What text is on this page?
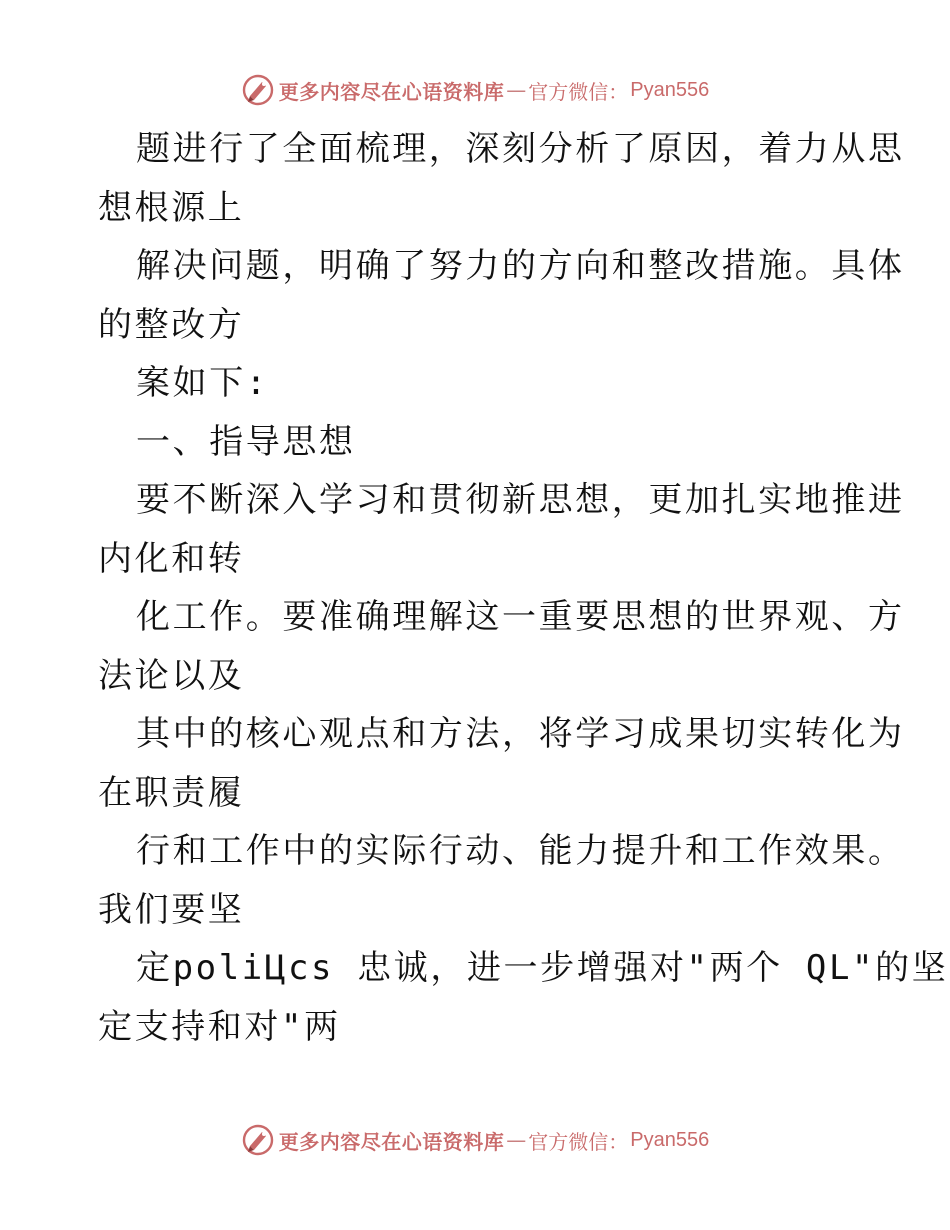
更多内容尽在心语资料库 — 官方微信： Pyan556
题进行了全面梳理，深刻分析了原因，着力从思
想根源上
解决问题，明确了努力的方向和整改措施。具体
的整改方
案如下:
一、指导思想
要不断深入学习和贯彻新思想，更加扎实地推进
内化和转
化工作。要准确理解这一重要思想的世界观、方
法论以及
其中的核心观点和方法，将学习成果切实转化为
在职责履
行和工作中的实际行动、能力提升和工作效果。
我们要坚
定poliЦcs 忠诚，进一步增强对"两个 QL"的坚
定支持和对"两
更多内容尽在心语资料库 — 官方微信： Pyan556
